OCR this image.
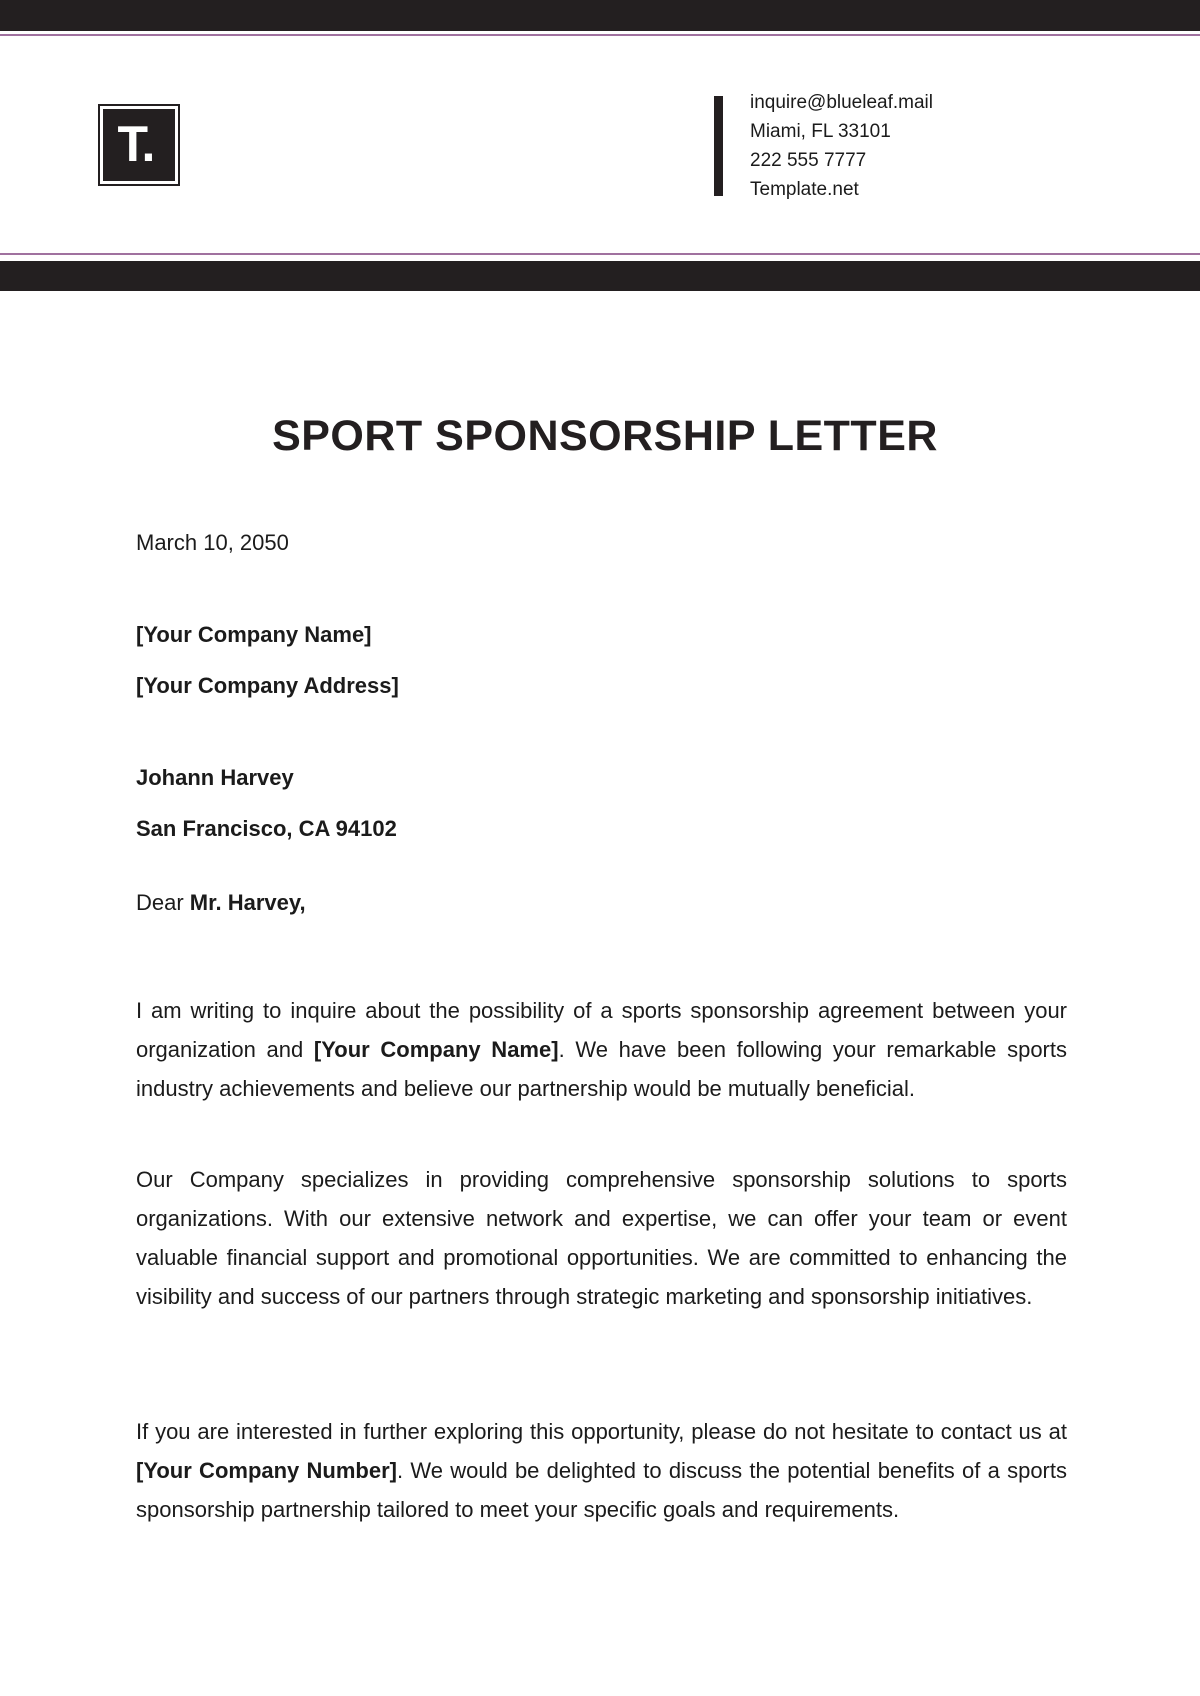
T.
inquire@blueleaf.mail
Miami, FL 33101
222 555 7777
Template.net
SPORT SPONSORSHIP LETTER
March 10, 2050
[Your Company Name]
[Your Company Address]
Johann Harvey
San Francisco, CA 94102
Dear Mr. Harvey,
I am writing to inquire about the possibility of a sports sponsorship agreement between your organization and [Your Company Name]. We have been following your remarkable sports industry achievements and believe our partnership would be mutually beneficial.
Our Company specializes in providing comprehensive sponsorship solutions to sports organizations. With our extensive network and expertise, we can offer your team or event valuable financial support and promotional opportunities. We are committed to enhancing the visibility and success of our partners through strategic marketing and sponsorship initiatives.
If you are interested in further exploring this opportunity, please do not hesitate to contact us at [Your Company Number]. We would be delighted to discuss the potential benefits of a sports sponsorship partnership tailored to meet your specific goals and requirements.
